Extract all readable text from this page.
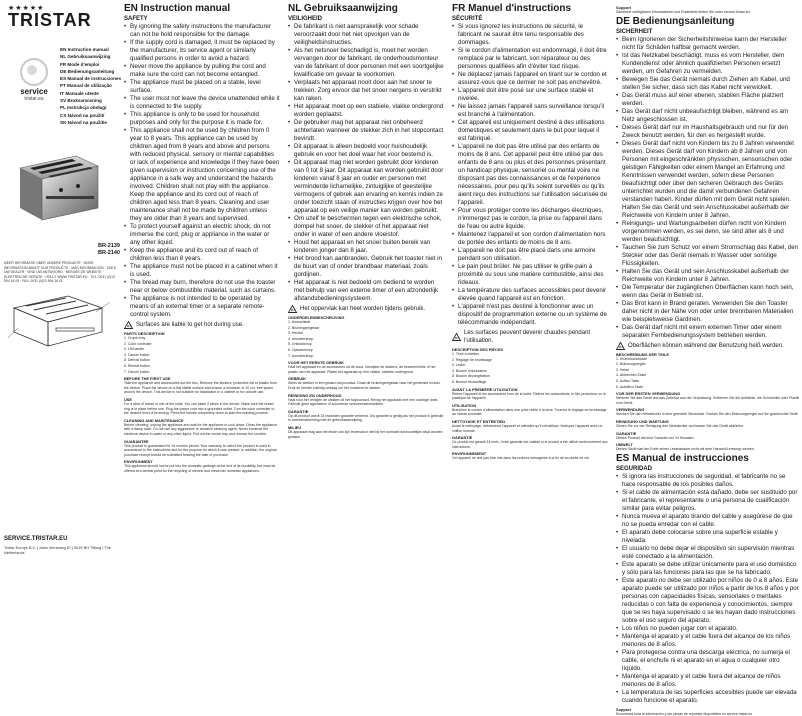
★★★★★
TRISTAR
service
tristar.eu
EN Instruction manual
NL Gebruiksaanwijzing
FR Mode d'emploi
DE Bedienungsanleitung
ES Manual de instrucciones
PT Manual de utilização
IT Manuale utente
SV Bruksanvisning
PL Instrukcja obsługi
CS Návod na použití
SK Návod na použitie
BR-2139
BR-2140
MEER INFORMATIE ÜBER UNSERE PRODUKTE · MORE INFORMATION ABOUT OUR PRODUCTS · MÁS INFORMACIÓN · ZOEK UW DEALER · VIND UW ANTWOORD · BESOEK DE WEBSITE · ELEKTRISCHE GERÄTE · HOLLY WWW.TRISTAR.EU · TEL: 0031 (0)13 594 16 00 · FAX: 0031 (0)13 594 16 01
SERVICE.TRISTAR.EU
Tristar Europe B.V. | Jules Verneweg 87 | 5015 BH Tilburg | The Netherlands
EN Instruction manual
SAFETY

• By ignoring the safety instructions the manufacturer can not be hold responsible for the damage.

• If the supply cord is damaged, it must be replaced by the manufacturer, its service agent or similarly qualified persons in order to avoid a hazard.

• Never move the appliance by pulling the cord and make sure the cord can not become entangled.

• The appliance must be placed on a stable, level surface.

• The user must not leave the device unattended while it is connected to the supply.

• This appliance is only to be used for household purposes and only for the purpose it is made for.

• This appliance shall not be used by children from 0 year to 8 years. This appliance can be used by children aged from 8 years and above and persons with reduced physical, sensory or mental capabilities or lack of experience and knowledge if they have been given supervision or instruction concerning use of the appliance in a safe way and understand the hazards involved. Children shall not play with the appliance. Keep the appliance and its cord out of reach of children aged less than 8 years. Cleaning and user maintenance shall not be made by children unless they are older than 8 years and supervised.

• To protect yourself against an electric shock, do not immerse the cord, plug or appliance in the water or any other liquid.

• Keep the appliance and its cord out of reach of children less than 8 years.

• The appliance must not be placed in a cabinet when it is used.

• The bread may burn, therefore do not use the toaster near or below combustible material, such as curtains.

• The appliance is not intended to be operated by means of an external timer or a separate remote-control system.

Surfaces are liable to get hot during use.
PARTS DESCRIPTION
1. Crumb tray
2. Color controller
3. Lift handle
4. Cancel button
5. Defrost button
6. Reheat button
7. Cancel button
BEFORE THE FIRST USE
Take the appliance and accessories out the box. Remove the stickers, protective foil or plastic from the device. Place the device on a flat stable surface and ensure a minimum of 10 cm. free space around the device. This device is not suitable for installation in a cabinet or for outside use.
USE
For a slice of bread in one of the slots: You can place 2 slices in the device. Make sure the bread ring is in place before use. Plug the power cord into a grounded outlet. Turn the color controller to the desired level of browning. Press the handle completely down to start the toasting process.
CLEANING AND MAINTENANCE
Before cleaning, unplug the appliance and wait for the appliance to cool down. Clean the appliance with a damp cloth. Do not use any aggressive or abrasive cleaning agent. Never immerse the electrical device in water or any other liquid. Pull out the crumb tray and remove the crumbs.
GUARANTEE
This product is guaranteed for 24 months period. Your warranty is valid if the product is used in accordance to the instructions and for the purpose for which it was created. In addition, the original purchase receipt should be submitted bearing the date of purchase.
ENVIRONMENT
This appliance should not be put into the domestic garbage at the end of its durability, but must be offered at a central point for the recycling of electric and electronic domestic appliances.
NL Gebruiksaanwijzing
VEILIGHEID

• De fabrikant is niet aansprakelijk voor schade veroorzaakt door het niet opvolgen van de veiligheidsinstructies.

• Als het netsnoer beschadigd is, moet het worden vervangen door de fabrikant, de onderhoudsmonteur van de fabrikant of door personen met een soortgelijke kwalificatie om gevaar te voorkomen.

• Verplaats het apparaat nooit door aan het snoer te trekken. Zorg ervoor dat het snoer nergens in verstrikt kan raken.

• Het apparaat moet op een stabiele, vlakke ondergrond worden geplaatst.

• De gebruiker mag het apparaat niet onbeheerd achterlaten wanneer de stekker zich in het stopcontact bevindt.

• Dit apparaat is alleen bedoeld voor huishoudelijk gebruik en voor het doel waar het voor bestemd is.

• Dit apparaat mag niet worden gebruikt door kinderen van 0 tot 8 jaar. Dit apparaat kan worden gebruikt door kinderen vanaf 8 jaar en ouder en personen met verminderde lichamelijke, zintuiglijke of geestelijke vermogens of gebrek aan ervaring en kennis indien ze onder toezicht staan of instructies krijgen over hoe het apparaat op een veilige manier kan worden gebruikt.

• Om uzelf te beschermen tegen een elektrische schok, dompel het snoer, de stekker of het apparaat niet onder in water of een andere vloeistof.

• Houd het apparaat en het snoer buiten bereik van kinderen jonger dan 8 jaar.

• Het brood kan aanbranden. Gebruik het toaster niet in de buurt van of onder brandbaar materiaal, zoals gordijnen.

• Het apparaat is niet bedoeld om bediend te worden met behulp van een externe timer of een afzonderlijk afstandsbedieningssysteem.

Het oppervlak kan heet worden tijdens gebruik.
ONDERDELENBESCHRIJVING
1. Kruimellade
2. Bruiningsregelaar
3. Hendel
4. Annuleerknop
5. Ontdooiknop
6. Opwarmknop
7. Annuleerknop
VOOR HET EERSTE GEBRUIK
Haal het apparaat en de accessoires uit de doos. Verwijder de stickers, de beschermfolie of het plastic van het apparaat. Plaats het apparaat op een vlakke, stabiele ondergrond.
GEBRUIK
Steek de stekker in een geaard stopcontact. Draai de bruiningsregelaar naar het gewenste niveau. Druk de hendel volledig omlaag om het roosteren te starten.
REINIGING EN ONDERHOUD
Haal voor het reinigen de stekker uit het stopcontact. Reinig het apparaat met een vochtige doek. Gebruik geen agressieve of schurende schoonmaakmiddelen.
GARANTIE
Op dit product wordt 24 maanden garantie verleend. Uw garantie is geldig als het product is gebruikt in overeenstemming met de gebruiksaanwijzing.
MILIEU
Dit apparaat mag aan het einde van zijn levensduur niet bij het normale huishoudelijke afval worden gedaan.
FR Manuel d'instructions
SÉCURITÉ

• Si vous ignorez les instructions de sécurité, le fabricant ne saurait être tenu responsable des dommages.

• Si le cordon d'alimentation est endommagé, il doit être remplacé par le fabricant, son réparateur ou des personnes qualifiées afin d'éviter tout risque.

• Ne déplacez jamais l'appareil en tirant sur le cordon et assurez-vous que ce dernier ne soit pas enchevêtré.

• L'appareil doit être posé sur une surface stable et nivelée.

• Ne laissez jamais l'appareil sans surveillance lorsqu'il est branché à l'alimentation.

• Cet appareil est uniquement destiné à des utilisations domestiques et seulement dans le but pour lequel il est fabriqué.

• L'appareil ne doit pas être utilisé par des enfants de moins de 8 ans. Cet appareil peut être utilisé par des enfants de 8 ans ou plus et des personnes présentant un handicap physique, sensoriel ou mental voire ne disposant pas des connaissances et de l'expérience nécessaires, pour peu qu'ils soient surveillés ou qu'ils aient reçu des instructions sur l'utilisation sécurisée de l'appareil.

• Pour vous protéger contre les décharges électriques, n'immergez pas le cordon, la prise ou l'appareil dans de l'eau ou autre liquide.

• Maintenez l'appareil et son cordon d'alimentation hors de portée des enfants de moins de 8 ans.

• L'appareil ne doit pas être placé dans une armoire pendant son utilisation.

• Le pain peut brûler. Ne pas utiliser le grille-pain à proximité ou sous une matière combustible, ainsi des rideaux.

• La température des surfaces accessibles peut devenir élevée quand l'appareil est en fonction.

• L'appareil n'est pas destiné à fonctionner avec un dispositif de programmation externe ou un système de télécommande indépendant.

Les surfaces peuvent devenir chaudes pendant l'utilisation.
DESCRIPTION DES PIÈCES
1. Tiroir à miettes
2. Réglage de brunissage
3. Levier
4. Bouton d'annulation
5. Bouton décongélation
6. Bouton réchauffage
AVANT LA PREMIÈRE UTILISATION
Retirer l'appareil et les accessoires hors de la boîte. Retirez les autocollants, le film protecteur ou le plastique de l'appareil.
UTILISATION
Branchez le cordon d'alimentation dans une prise reliée à la terre. Tournez le réglage de brunissage au niveau souhaité.
NETTOYAGE ET ENTRETIEN
Avant le nettoyage, débranchez l'appareil et attendez qu'il refroidisse. Nettoyez l'appareil avec un chiffon humide.
GARANTIE
Ce produit est garanti 24 mois. Votre garantie est valable si le produit a été utilisé conformément aux instructions.
ENVIRONNEMENT
Cet appareil ne doit pas être mis dans les ordures ménagères à la fin de sa durée de vie.
Support
Sämtliche verfügbaren Informationen und Ersatzteile finden Sie unter service.tristar.eu!
DE Bedienungsanleitung
SICHERHEIT

• Beim Ignorieren der Sicherheitshinweise kann der Hersteller nicht für Schäden haftbar gemacht werden.

• Ist das Netzkabel beschädigt, muss es vom Hersteller, dem Kundendienst oder ähnlich qualifizierten Personen ersetzt werden, um Gefahren zu vermeiden.

• Bewegen Sie das Gerät niemals durch Ziehen am Kabel, und stellen Sie sicher, dass sich das Kabel nicht verwickelt.

• Das Gerät muss auf einer ebenen, stabilen Fläche platziert werden.

• Das Gerät darf nicht unbeaufsichtigt bleiben, während es am Netz angeschlossen ist.

• Dieses Gerät darf nur im Haushaltsgebrauch und nur für den Zweck benutzt werden, für den es hergestellt wurde.

• Dieses Gerät darf nicht von Kindern bis zu 8 Jahren verwendet werden. Dieses Gerät darf von Kindern ab 8 Jahren und von Personen mit eingeschränkten physischen, sensorischen oder geistigen Fähigkeiten oder einem Mangel an Erfahrung und Kenntnissen verwendet werden, sofern diese Personen beaufsichtigt oder über den sicheren Gebrauch des Geräts unterrichtet wurden und die damit verbundenen Gefahren verstanden haben. Kinder dürfen mit dem Gerät nicht spielen. Halten Sie das Gerät und sein Anschlusskabel außerhalb der Reichweite von Kindern unter 8 Jahren.

• Reinigungs- und Wartungsarbeiten dürfen nicht von Kindern vorgenommen werden, es sei denn, sie sind älter als 8 und werden beaufsichtigt.

• Tauchen Sie zum Schutz vor einem Stromschlag das Kabel, den Stecker oder das Gerät niemals in Wasser oder sonstige Flüssigkeiten.

• Halten Sie das Gerät und sein Anschlusskabel außerhalb der Reichweite von Kindern unter 8 Jahren.

• Die Temperatur der zugänglichen Oberflächen kann hoch sein, wenn das Gerät in Betrieb ist.

• Das Brot kann in Brand geraten. Verwenden Sie den Toaster daher nicht in der Nähe von oder unter brennbaren Materialien wie beispielsweise Gardinen.

• Das Gerät darf nicht mit einem externen Timer oder einem separaten Fernbedienungssystem betrieben werden.

Oberflächen können während der Benutzung heiß werden.
BESCHREIBUNG DER TEILE
1. Krümelschublade
2. Bräunungsregler
3. Hebel
4. Abbrechen-Taste
5. Auftau-Taste
6. Aufwärm-Taste
VOR DER ERSTEN VERWENDUNG
Nehmen Sie das Gerät und das Zubehör aus der Verpackung. Entfernen Sie die Aufkleber, die Schutzfolie oder Plastik vom Gerät.
VERWENDUNG
Stecken Sie den Netzstecker in eine geerdete Steckdose. Drehen Sie den Bräunungsregler auf die gewünschte Stufe.
REINIGUNG UND WARTUNG
Ziehen Sie vor der Reinigung den Netzstecker und lassen Sie das Gerät abkühlen.
GARANTIE
Dieses Produkt hat eine Garantie von 24 Monaten.
UMWELT
Dieses Gerät darf am Ende seiner Lebensdauer nicht mit dem Hausmüll entsorgt werden.
ES Manual de instrucciones
SEGURIDAD

• Si ignora las instrucciones de seguridad, el fabricante no se hace responsable de los posibles daños.

• Si el cable de alimentación está dañado, debe ser sustituido por el fabricante, el representante o una persona de cualificación similar para evitar peligros.

• Nunca mueva el aparato tirando del cable y asegúrese de que no se pueda enredar con el cable.

• El aparato debe colocarse sobre una superficie estable y nivelada.

• El usuario no debe dejar el dispositivo sin supervisión mientras esté conectado a la alimentación.

• Este aparato se debe utilizar únicamente para el uso doméstico y sólo para las funciones para las que se ha fabricado.

• Este aparato no debe ser utilizado por niños de 0 a 8 años. Este aparato puede ser utilizado por niños a partir de los 8 años y por personas con capacidades físicas, sensoriales o mentales reducidas o con falta de experiencia y conocimientos, siempre que se les haya supervisado o se les hayan dado instrucciones sobre el uso seguro del aparato.

• Los niños no pueden jugar con el aparato.

• Mantenga el aparato y el cable fuera del alcance de los niños menores de 8 años.

• Para protegerse contra una descarga eléctrica, no sumerja el cable, el enchufe ni el aparato en el agua o cualquier otro líquido.

• Mantenga el aparato y el cable fuera del alcance de niños menores de 8 años.

• La temperatura de las superficies accesibles puede ser elevada cuando funcione el aparato.

Support
Encontrará toda la información y las piezas de repuesto disponibles en service.tristar.eu
